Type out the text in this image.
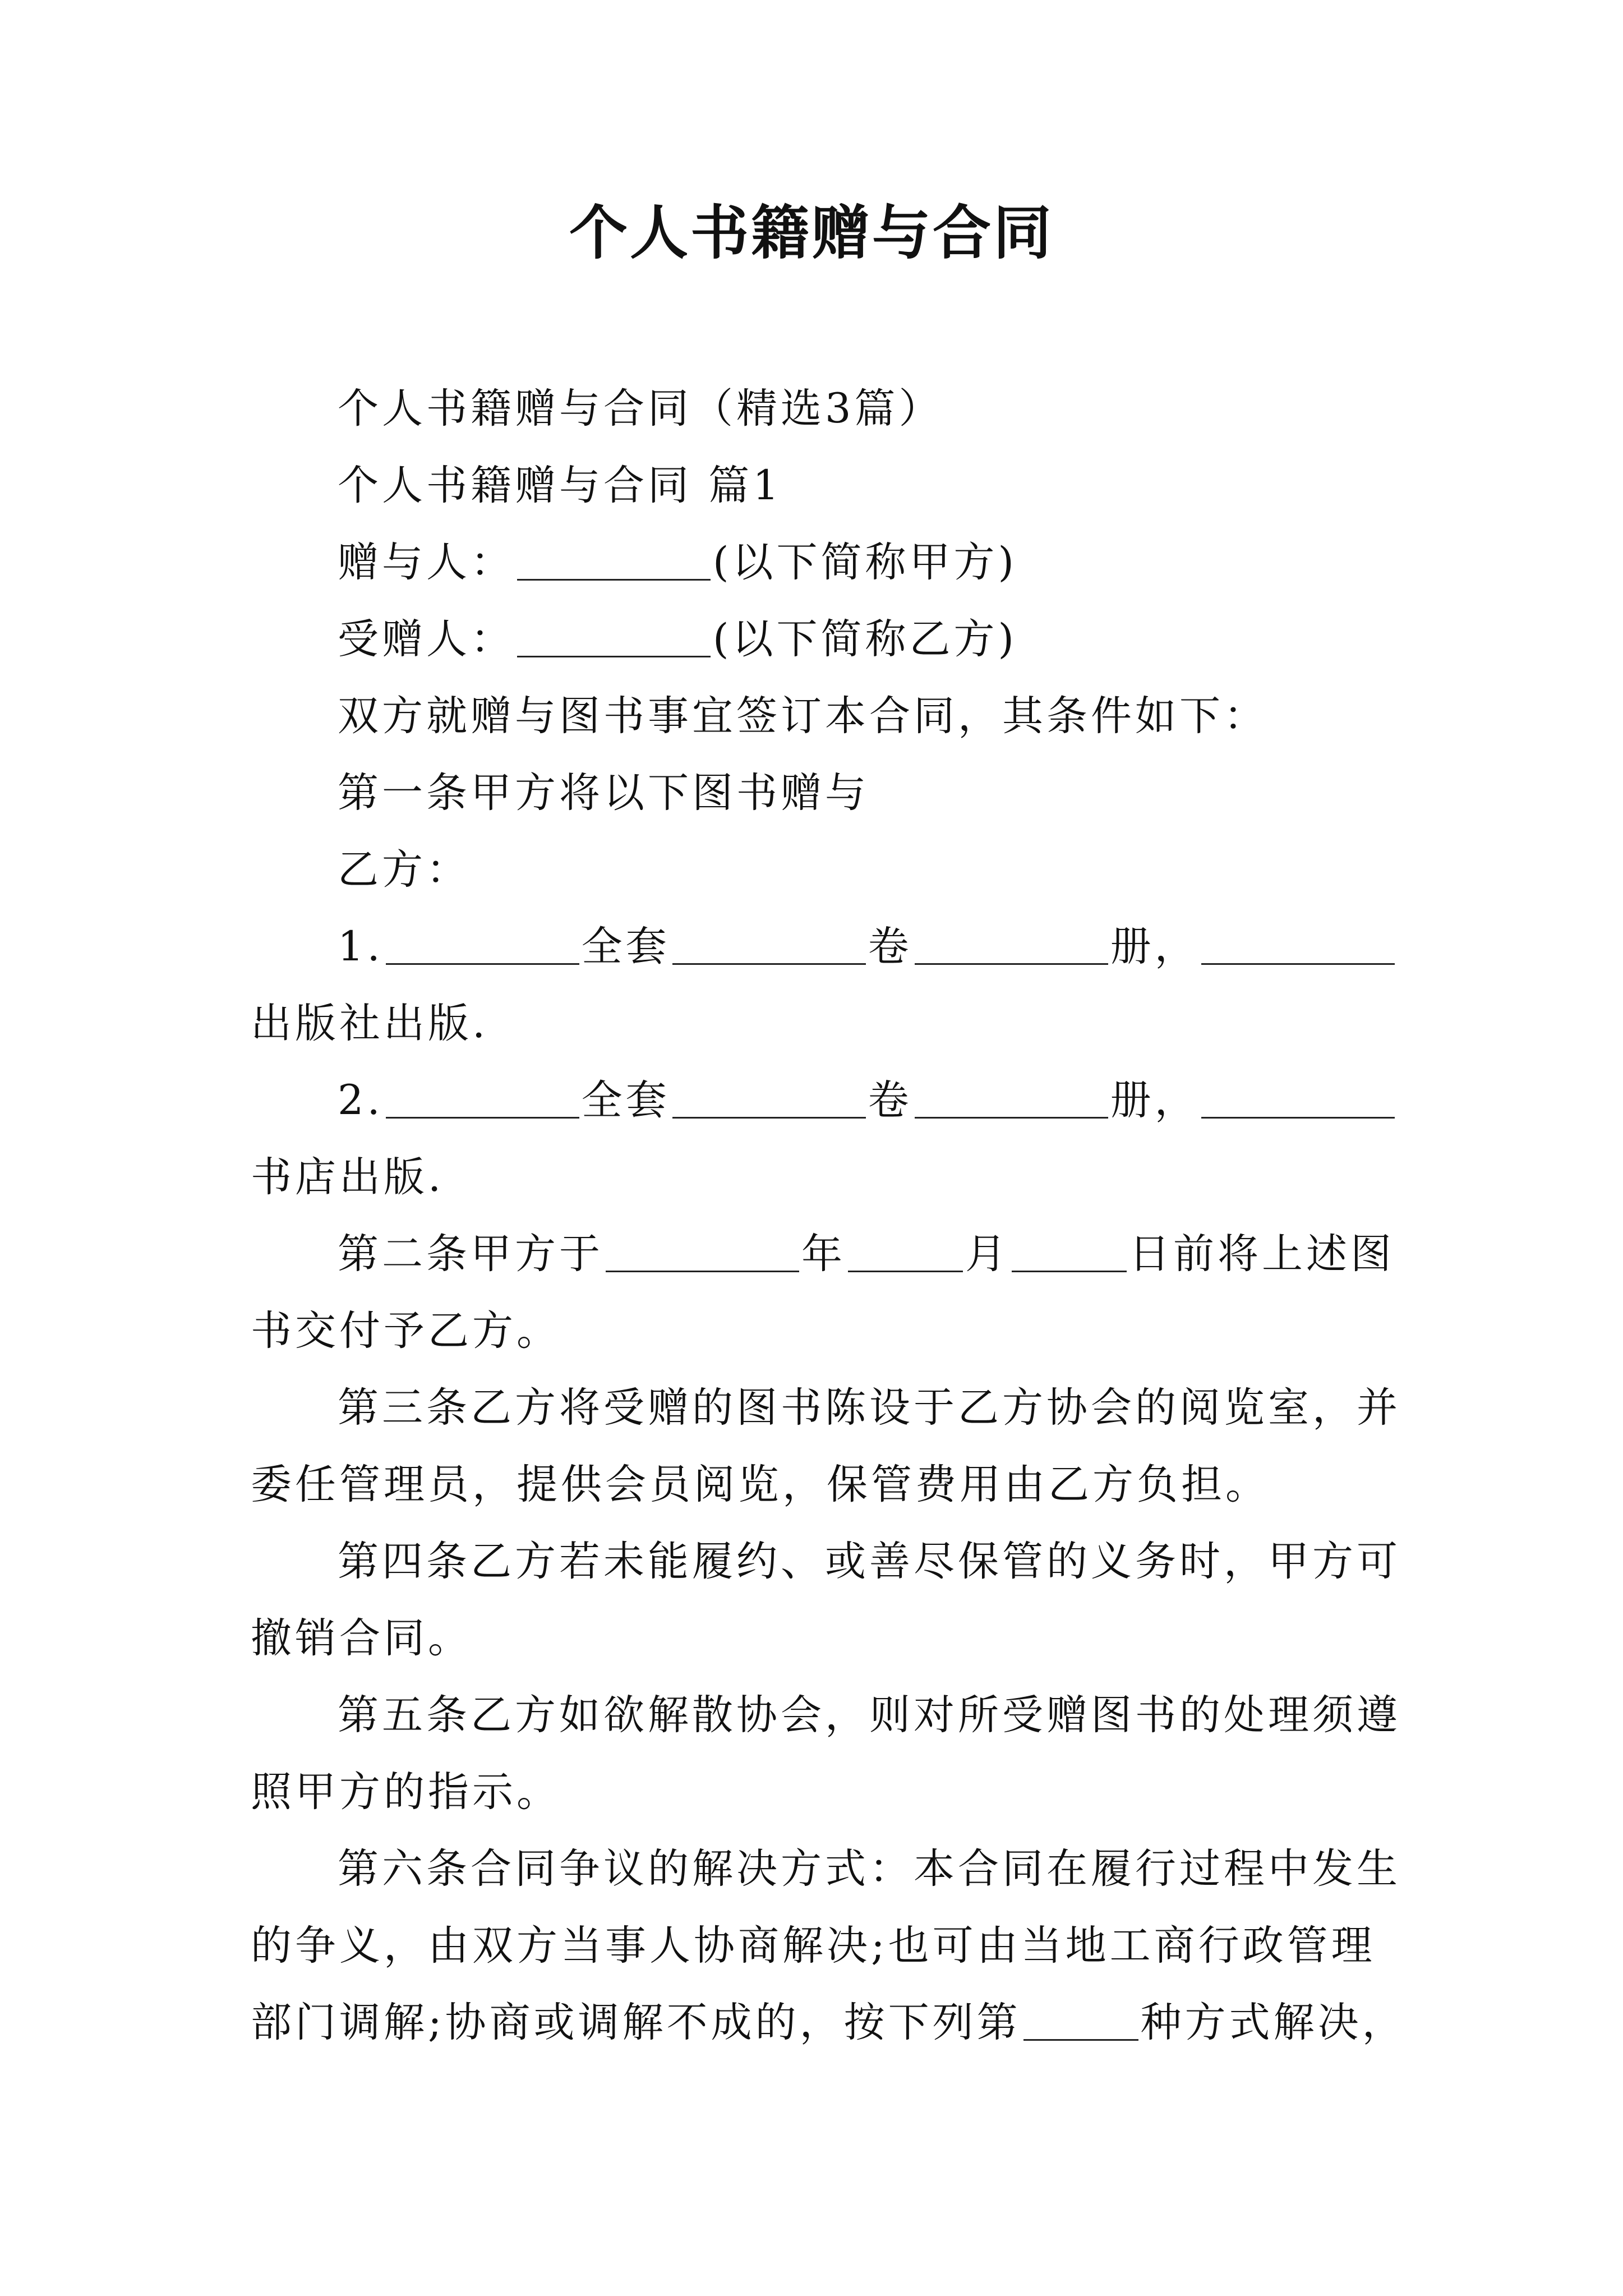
个人书籍赠与合同
个人书籍赠与合同（精选3篇）
个人书籍赠与合同 篇1
赠与人：	(以下简称甲方)
受赠人：	(以下简称乙方)
双方就赠与图书事宜签订本合同，其条件如下：
第一条甲方将以下图书赠与
乙方：
1.	全套	卷	册，
出版社出版.
2.	全套	卷	册，
书店出版.
第二条甲方于	年	月	日前将上述图
书交付予乙方。
第三条乙方将受赠的图书陈设于乙方协会的阅览室，并
委任管理员，提供会员阅览，保管费用由乙方负担。
第四条乙方若未能履约、或善尽保管的义务时，甲方可
撤销合同。
第五条乙方如欲解散协会，则对所受赠图书的处理须遵
照甲方的指示。
第六条合同争议的解决方式：本合同在履行过程中发生
的争义，由双方当事人协商解决;也可由当地工商行政管理
部门调解;协商或调解不成的，按下列第	种方式解决，
